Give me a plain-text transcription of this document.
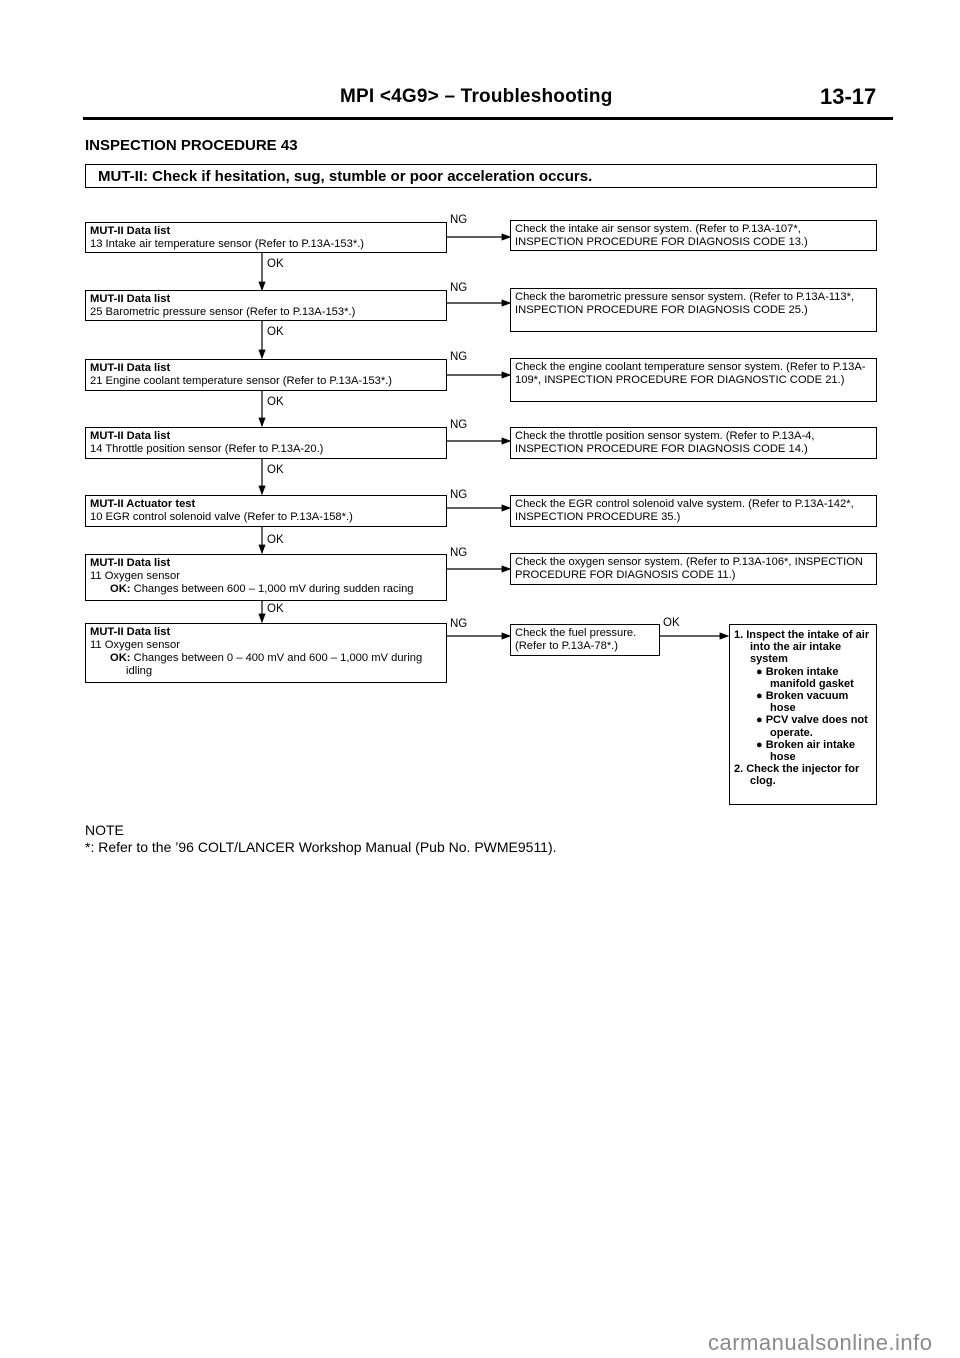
MPI <4G9> – Troubleshooting	13-17
INSPECTION PROCEDURE 43
MUT-II: Check if hesitation, sug, stumble or poor acceleration occurs.
NG
NG
NG
NG
NG
NG
NG	OK
OK
OK
OK
OK
OK
OK
MUT-II Data list
13 Intake air temperature sensor (Refer to P.13A-153*.)
Check the intake air sensor system. (Refer to P.13A-107*, INSPECTION PROCEDURE FOR DIAGNOSIS CODE 13.)
MUT-II Data list
25 Barometric pressure sensor (Refer to P.13A-153*.)
Check the barometric pressure sensor system. (Refer to P.13A-113*, INSPECTION PROCEDURE FOR DIAGNOSIS CODE 25.)
MUT-II Data list
21 Engine coolant temperature sensor (Refer to P.13A-153*.)
Check the engine coolant temperature sensor system. (Refer to P.13A-109*, INSPECTION PROCEDURE FOR DIAGNOSTIC CODE 21.)
MUT-II Data list
14 Throttle position sensor (Refer to P.13A-20.)
Check the throttle position sensor system. (Refer to P.13A-4, INSPECTION PROCEDURE FOR DIAGNOSIS CODE 14.)
MUT-II Actuator test
10 EGR control solenoid valve (Refer to P.13A-158*.)
Check the EGR control solenoid valve system. (Refer to P.13A-142*, INSPECTION PROCEDURE 35.)
MUT-II Data list
11 Oxygen sensor

OK: Changes between 600 – 1,000 mV during sudden racing
Check the oxygen sensor system. (Refer to P.13A-106*, INSPECTION PROCEDURE FOR DIAGNOSIS CODE 11.)
MUT-II Data list
11 Oxygen sensor

OK: Changes between 0 – 400 mV and 600 – 1,000 mV during
idling
Check the fuel pressure. (Refer to P.13A-78*.)
1. Inspect the intake of air into the air intake system
● Broken intake manifold gasket
● Broken vacuum hose
● PCV valve does not operate.
● Broken air intake hose
2. Check the injector for clog.
NOTE
*: Refer to the ’96 COLT/LANCER Workshop Manual (Pub No. PWME9511).
carmanualsonline.info
